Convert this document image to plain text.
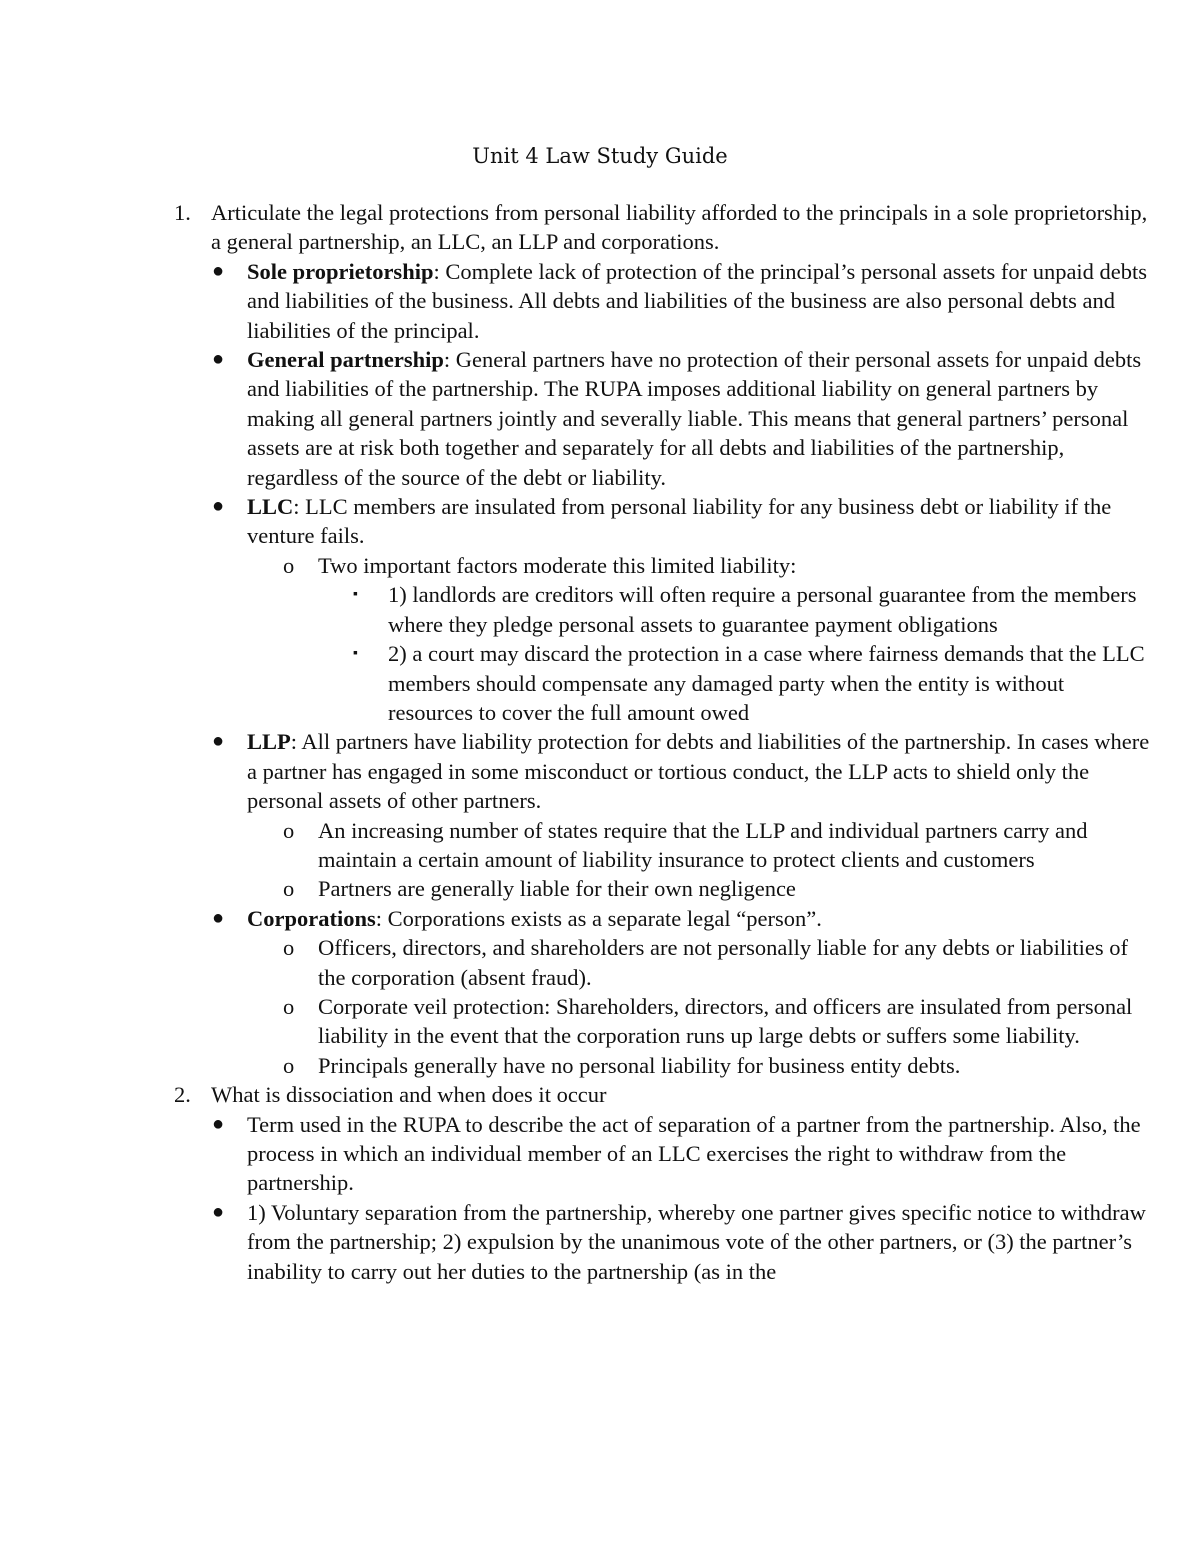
Unit 4 Law Study Guide
1. Articulate the legal protections from personal liability afforded to the principals in a sole proprietorship, a general partnership, an LLC, an LLP and corporations.
● Sole proprietorship: Complete lack of protection of the principal’s personal assets for unpaid debts and liabilities of the business. All debts and liabilities of the business are also personal debts and liabilities of the principal.
● General partnership: General partners have no protection of their personal assets for unpaid debts and liabilities of the partnership. The RUPA imposes additional liability on general partners by making all general partners jointly and severally liable. This means that general partners’ personal assets are at risk both together and separately for all debts and liabilities of the partnership, regardless of the source of the debt or liability.
● LLC: LLC members are insulated from personal liability for any business debt or liability if the venture fails.
o Two important factors moderate this limited liability:
▪ 1) landlords are creditors will often require a personal guarantee from the members where they pledge personal assets to guarantee payment obligations
▪ 2) a court may discard the protection in a case where fairness demands that the LLC members should compensate any damaged party when the entity is without resources to cover the full amount owed
● LLP: All partners have liability protection for debts and liabilities of the partnership. In cases where a partner has engaged in some misconduct or tortious conduct, the LLP acts to shield only the personal assets of other partners.
o An increasing number of states require that the LLP and individual partners carry and maintain a certain amount of liability insurance to protect clients and customers
o Partners are generally liable for their own negligence
● Corporations: Corporations exists as a separate legal “person”.
o Officers, directors, and shareholders are not personally liable for any debts or liabilities of the corporation (absent fraud).
o Corporate veil protection: Shareholders, directors, and officers are insulated from personal liability in the event that the corporation runs up large debts or suffers some liability.
o Principals generally have no personal liability for business entity debts.
2. What is dissociation and when does it occur
● Term used in the RUPA to describe the act of separation of a partner from the partnership. Also, the process in which an individual member of an LLC exercises the right to withdraw from the partnership.
● 1) Voluntary separation from the partnership, whereby one partner gives specific notice to withdraw from the partnership; 2) expulsion by the unanimous vote of the other partners, or (3) the partner’s inability to carry out her duties to the partnership (as in the
